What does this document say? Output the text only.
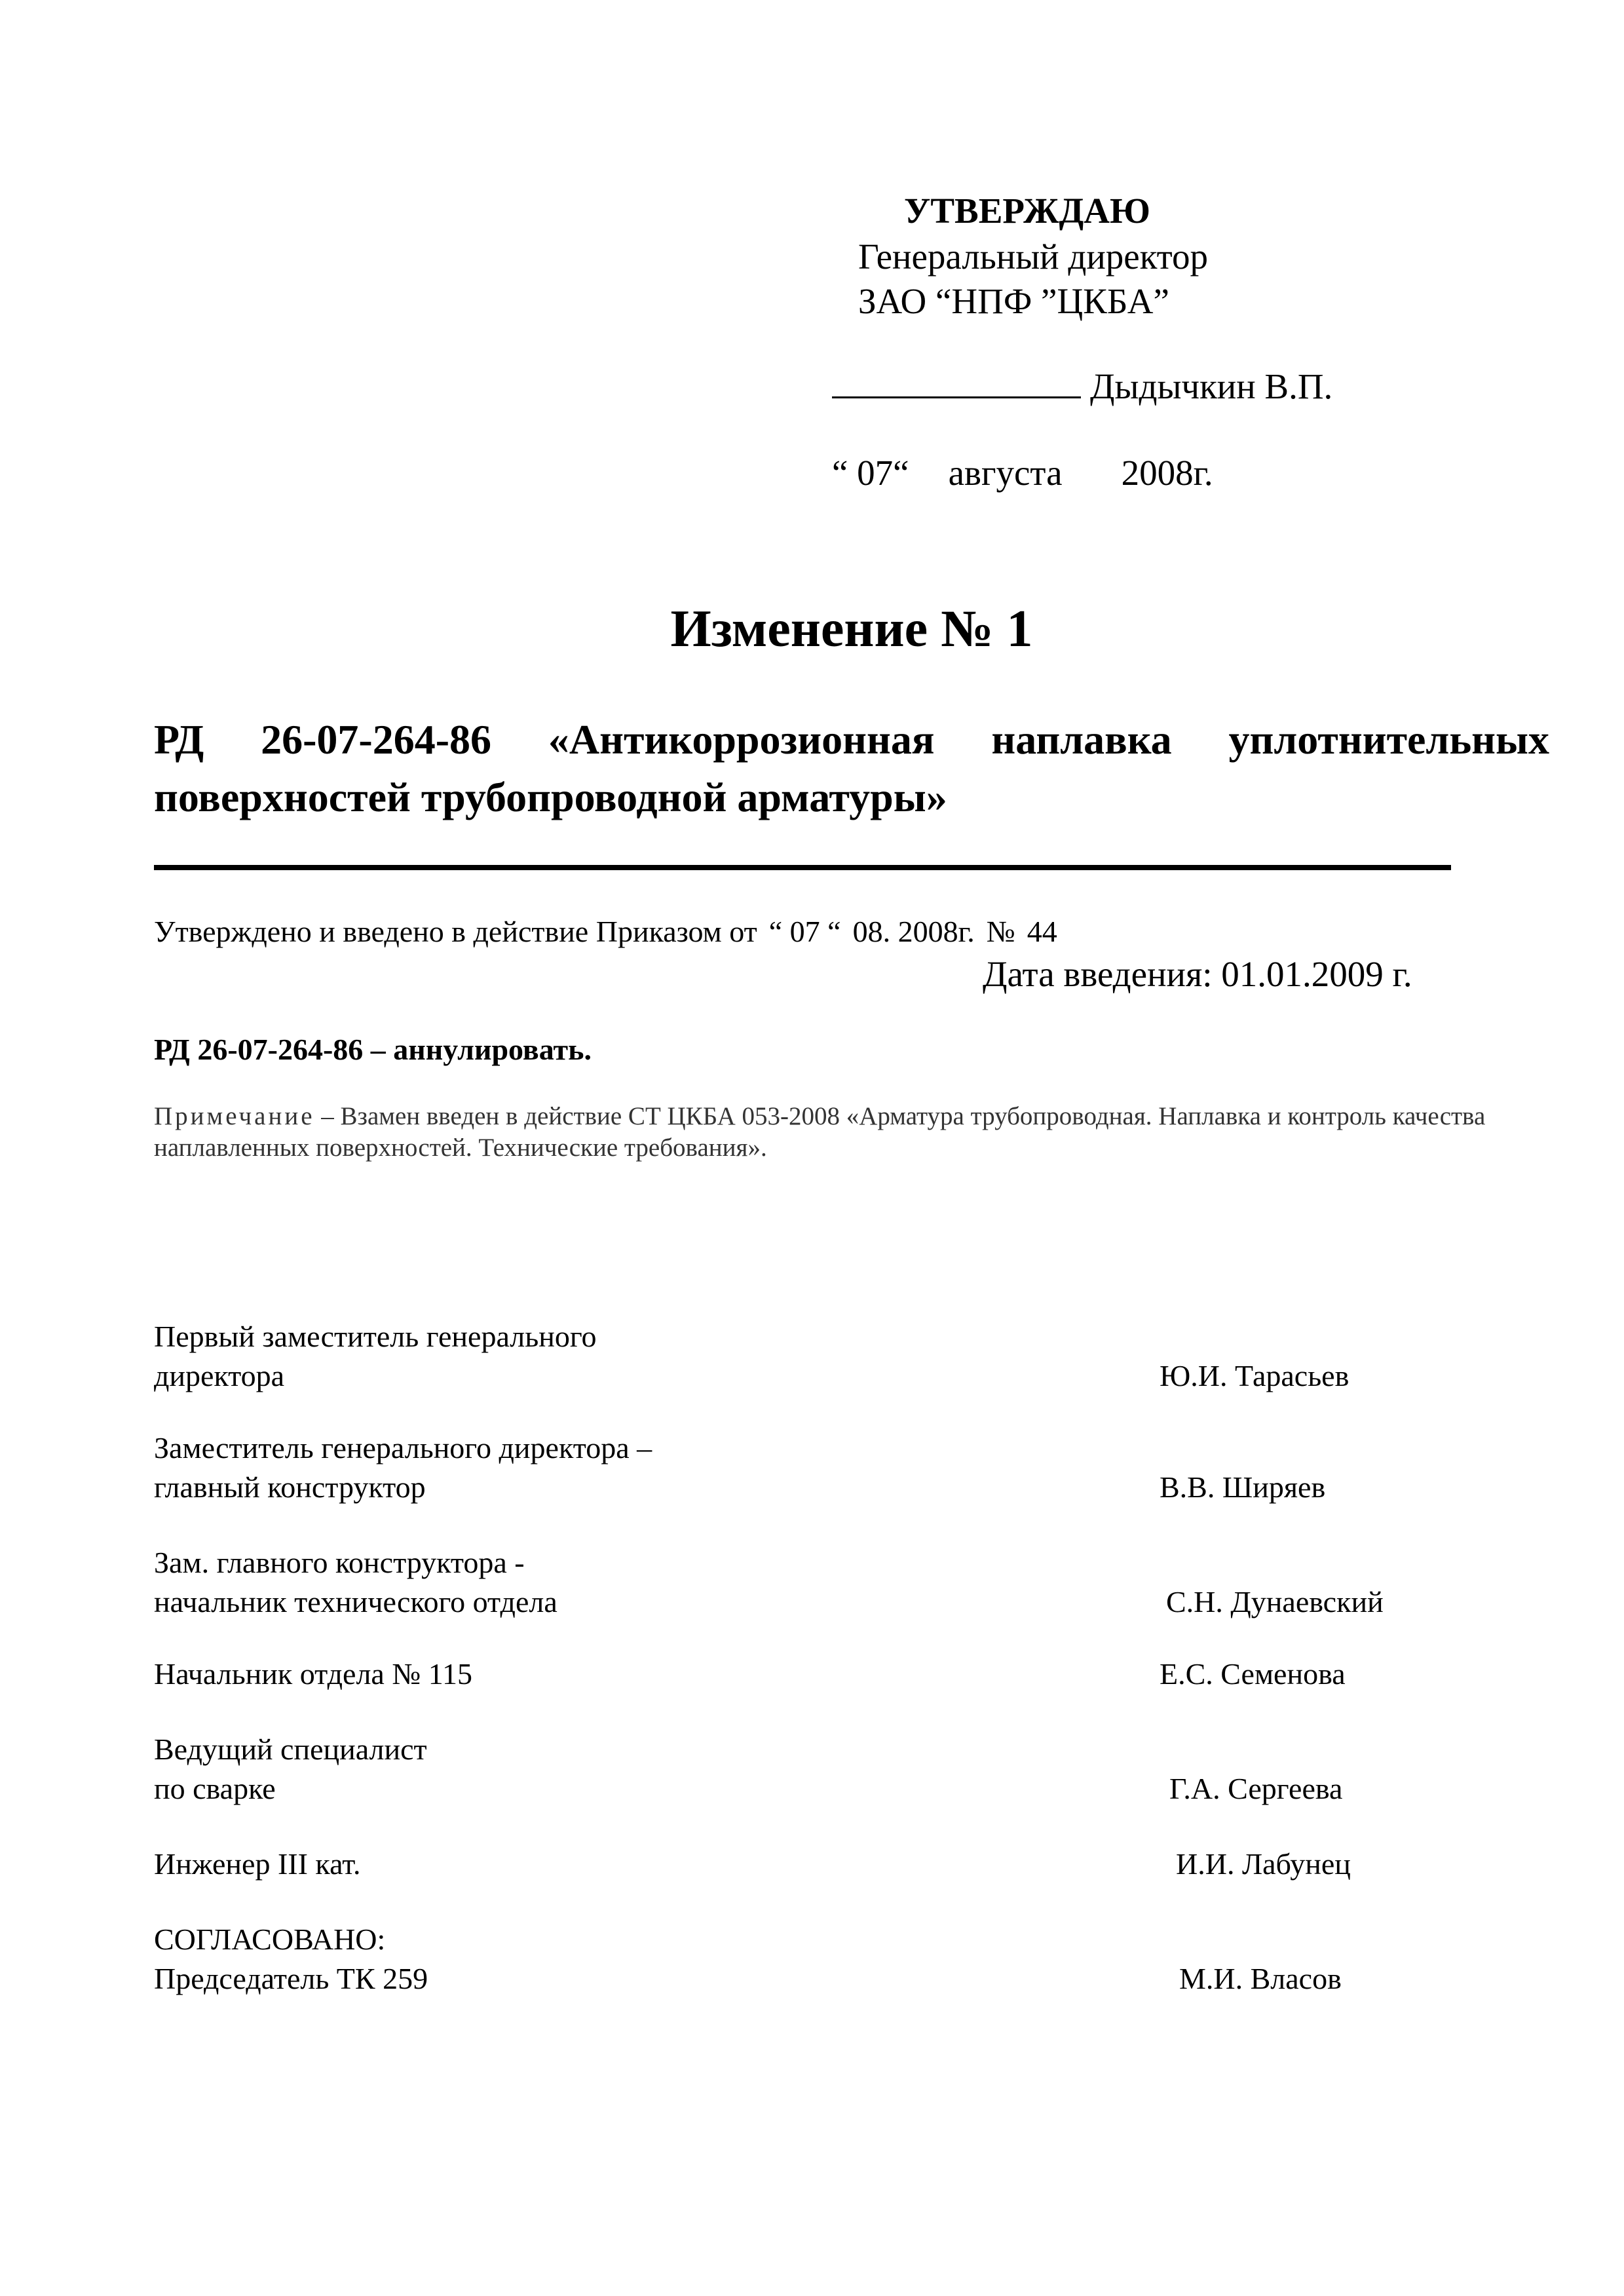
УТВЕРЖДАЮ
Генеральный директор
ЗАО “НПФ ”ЦКБА”
Дыдычкин В.П.
“ 07“ августа 2008г.
Изменение № 1
РД 26-07-264-86 «Антикоррозионная наплавка уплотнительных поверхностей трубопроводной арматуры»
Утверждено и введено в действие Приказом от “ 07 “ 08. 2008г. № 44
Дата введения: 01.01.2009 г.
РД 26-07-264-86 – аннулировать.
Примечание – Взамен введен в действие СТ ЦКБА 053-2008 «Арматура трубопроводная. Наплавка и контроль качества наплавленных поверхностей. Технические требования».
Первый заместитель генерального
директора	Ю.И. Тарасьев
Заместитель генерального директора –
главный конструктор	В.В. Ширяев
Зам. главного конструктора -
начальник технического отдела	С.Н. Дунаевский
Начальник отдела № 115	Е.С. Семенова
Ведущий специалист
по сварке	Г.А. Сергеева
Инженер III кат.	И.И. Лабунец
СОГЛАСОВАНО:
Председатель ТК 259	М.И. Власов
